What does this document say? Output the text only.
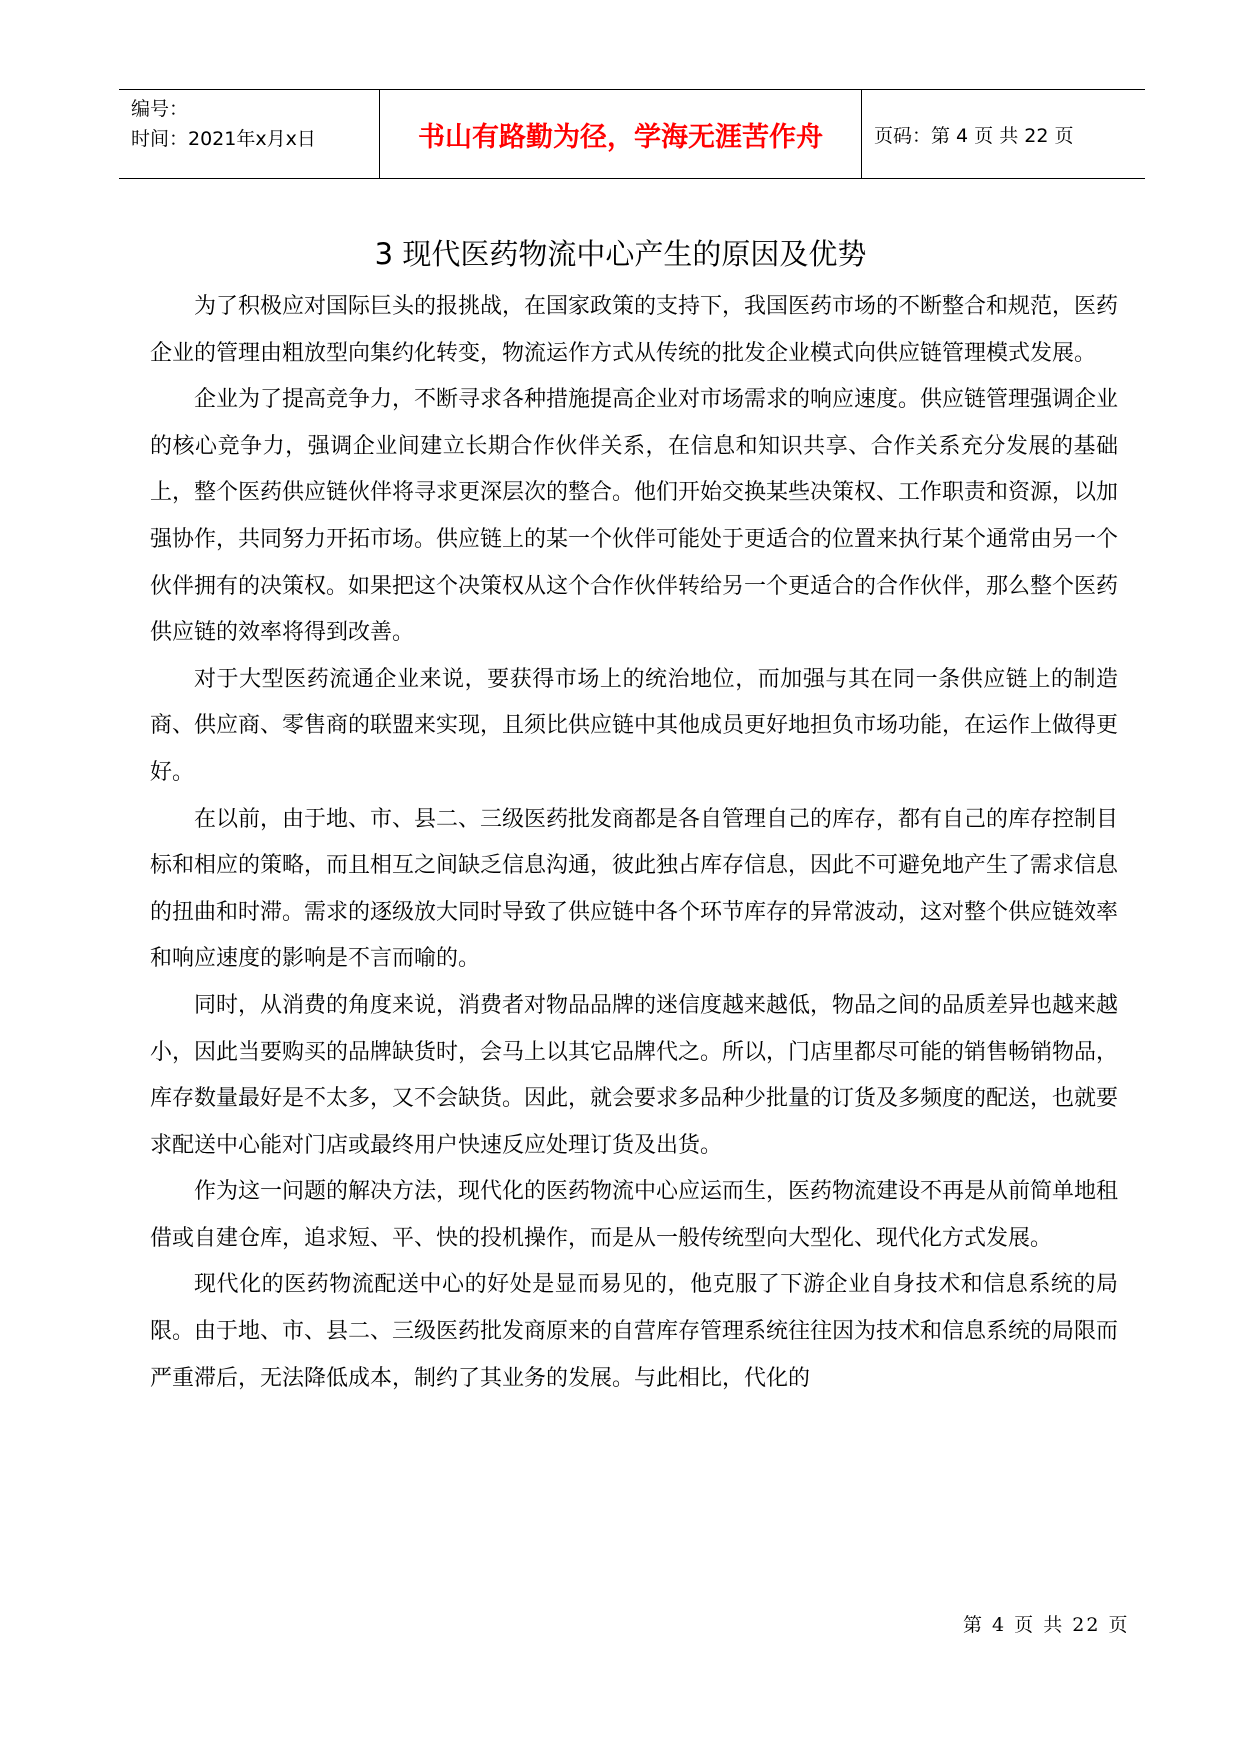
编号：
时间：2021年x月x日	书山有路勤为径，学海无涯苦作舟	页码：第 4 页 共 22 页
3 现代医药物流中心产生的原因及优势

为了积极应对国际巨头的报挑战，在国家政策的支持下，我国医药市场的不断整合和规范，医药企业的管理由粗放型向集约化转变，物流运作方式从传统的批发企业模式向供应链管理模式发展。

企业为了提高竞争力，不断寻求各种措施提高企业对市场需求的响应速度。供应链管理强调企业的核心竞争力，强调企业间建立长期合作伙伴关系，在信息和知识共享、合作关系充分发展的基础上，整个医药供应链伙伴将寻求更深层次的整合。他们开始交换某些决策权、工作职责和资源，以加强协作，共同努力开拓市场。供应链上的某一个伙伴可能处于更适合的位置来执行某个通常由另一个伙伴拥有的决策权。如果把这个决策权从这个合作伙伴转给另一个更适合的合作伙伴，那么整个医药供应链的效率将得到改善。

对于大型医药流通企业来说，要获得市场上的统治地位，而加强与其在同一条供应链上的制造商、供应商、零售商的联盟来实现，且须比供应链中其他成员更好地担负市场功能，在运作上做得更好。

在以前，由于地、市、县二、三级医药批发商都是各自管理自己的库存，都有自己的库存控制目标和相应的策略，而且相互之间缺乏信息沟通，彼此独占库存信息，因此不可避免地产生了需求信息的扭曲和时滞。需求的逐级放大同时导致了供应链中各个环节库存的异常波动，这对整个供应链效率和响应速度的影响是不言而喻的。

同时，从消费的角度来说，消费者对物品品牌的迷信度越来越低，物品之间的品质差异也越来越小，因此当要购买的品牌缺货时，会马上以其它品牌代之。所以，门店里都尽可能的销售畅销物品，库存数量最好是不太多，又不会缺货。因此，就会要求多品种少批量的订货及多频度的配送，也就要求配送中心能对门店或最终用户快速反应处理订货及出货。

作为这一问题的解决方法，现代化的医药物流中心应运而生，医药物流建设不再是从前简单地租借或自建仓库，追求短、平、快的投机操作，而是从一般传统型向大型化、现代化方式发展。

现代化的医药物流配送中心的好处是显而易见的，他克服了下游企业自身技术和信息系统的局限。由于地、市、县二、三级医药批发商原来的自营库存管理系统往往因为技术和信息系统的局限而严重滞后，无法降低成本，制约了其业务的发展。与此相比，代化的

第 4 页 共 22 页
